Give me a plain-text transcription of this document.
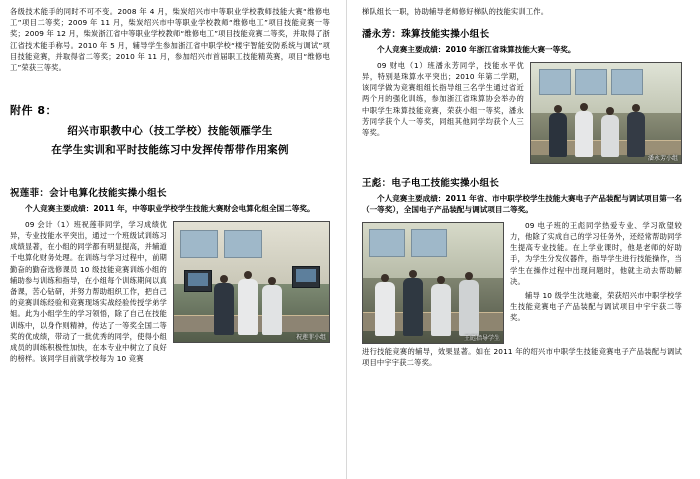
各级技术能手的同时不可不变。2008 年 4 月，柴炭绍兴市中等职业学校教师技能大赛“维修电工”项目二等奖；2009 年 11 月，柴炭绍兴市中等职业学校教师“维修电工”项目技能竞赛一等奖；2009 年 12 月，柴炭浙江省中等职业学校教师“维修电工”项目技能竞赛二等奖，并取得了浙江省技术能手称号。2010 年 5 月，辅导学生参加浙江省中职学校“楼宇智能安防系统与调试”项目技能竞赛，并取得省二等奖；2010 年 11 月，参加绍兴市首届职工技能精英赛，项目“维修电工”荣获三等奖。

附件 8：
绍兴市职教中心（技工学校）技能领雁学生
在学生实训和平时技能练习中发挥传帮带作用案例
祝莲菲：会计电算化技能实操小组长

个人竞赛主要成绩：2011 年，中等职业学校学生技能大赛财会电算化组全国二等奖。

祝莲菲小组

09 会计（1）班祝莲菲同学，学习成绩优异，专业技能水平突出，通过一个班级试训练习成绩显著，在小组的同学都有明显提高，并辅道千电算化财务处理。在训练与学习过程中，前期勤奋的勤奋选修课员 10 级技能竞赛训练小组的辅助参与训练和指导，在小组每个训练期间以真备课，苦心钻研，并努力帮助组织工作，把自己的竞赛训练经验和竞赛现场实战经验传授学弟学姐。此为小组学生的学习领悟，除了自己在技能训练中，以身作则精神，传达了一等奖全国二等奖的优成绩，带动了一批优秀的同学，使得小组成员的训练积极性加快，在本专业中树立了良好的榜样。该同学目前就学校每为 10 竞赛

梯队组长一职，协助辅导老师修好梯队的技能实训工作。

潘永芳：珠算技能实操小组长

个人竞赛主要成绩：2010 年浙江省珠算技能大赛一等奖。

潘永芳小组

09 财电（1）班潘永芳同学，技能水平优异，特别是珠算水平突出；2010 年第二学期，该同学做为竞赛组组长指导组三名学生通过省近两个月的强化训练，参加浙江省珠算协会举办的中职学生珠算技能竞赛，荣获小组一等奖，潘永芳同学获个人一等奖，同组其他同学均获个人三等奖。

王彪：电子电工技能实操小组长

个人竞赛主要成绩：2011 年省、市中职学校学生技能大赛电子产品装配与调试项目第一名（一等奖），全国电子产品装配与调试项目二等奖。

王彪指导学生

09 电子班的王彪同学热爱专业、学习欲望较力，他除了实成自己的学习任务外，还经常帮助同学生提高专业技能。在上学业课时，他是老师的好助手，为学生分发仪器件，指导学生进行技能操作，当学生在操作过程中出现问题时，他就主动去帮助解决。

辅导 10 级学生沈地豪，荣获绍兴市中职学校学生技能竞赛电子产品装配与调试项目中宇宇获二等奖。

进行技能竞赛的辅导，效果显著。如在 2011 年的绍兴市中职学生技能竞赛电子产品装配与调试项目中宇宇获二等奖。
